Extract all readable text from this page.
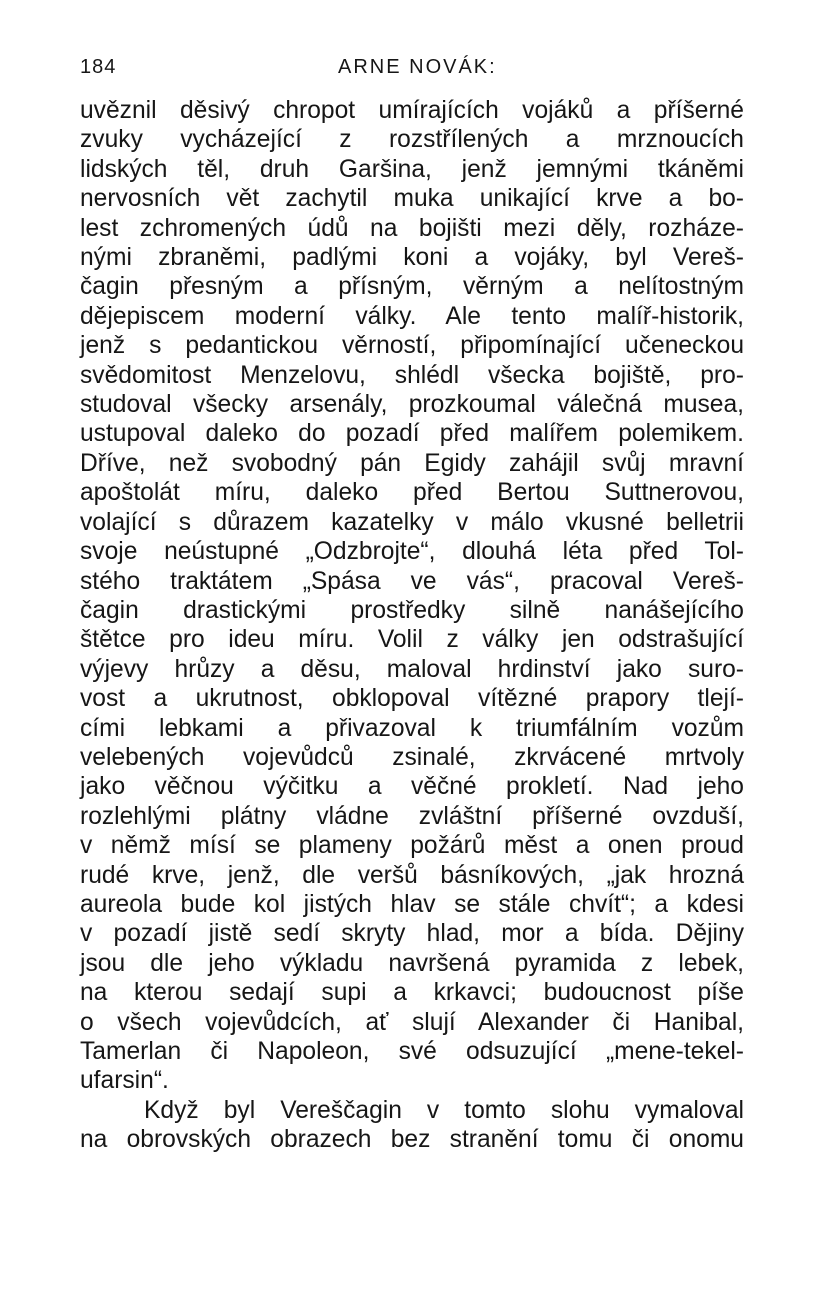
184	ARNE NOVÁK:
uvěznil děsivý chropot umírajících vojáků a příšerné
zvuky vycházející z rozstřílených a mrznoucích
lidských těl, druh Garšina, jenž jemnými tkáněmi
nervosních vět zachytil muka unikající krve a bo-
lest zchromených údů na bojišti mezi děly, rozháze-
nými zbraněmi, padlými koni a vojáky, byl Vereš-
čagin přesným a přísným, věrným a nelítostným
dějepiscem moderní války. Ale tento malíř-historik,
jenž s pedantickou věrností, připomínající učeneckou
svědomitost Menzelovu, shlédl všecka bojiště, pro-
studoval všecky arsenály, prozkoumal válečná musea,
ustupoval daleko do pozadí před malířem polemikem.
Dříve, než svobodný pán Egidy zahájil svůj mravní
apoštolát míru, daleko před Bertou Suttnerovou,
volající s důrazem kazatelky v málo vkusné belletrii
svoje neústupné „Odzbrojte“, dlouhá léta před Tol-
stého traktátem „Spása ve vás“, pracoval Vereš-
čagin drastickými prostředky silně nanášejícího
štětce pro ideu míru. Volil z války jen odstrašující
výjevy hrůzy a děsu, maloval hrdinství jako suro-
vost a ukrutnost, obklopoval vítězné prapory tlejí-
cími lebkami a přivazoval k triumfálním vozům
velebených vojevůdců zsinalé, zkrvácené mrtvoly
jako věčnou výčitku a věčné prokletí. Nad jeho
rozlehlými plátny vládne zvláštní příšerné ovzduší,
v němž mísí se plameny požárů měst a onen proud
rudé krve, jenž, dle veršů básníkových, „jak hrozná
aureola bude kol jistých hlav se stále chvít“; a kdesi
v pozadí jistě sedí skryty hlad, mor a bída. Dějiny
jsou dle jeho výkladu navršená pyramida z lebek,
na kterou sedají supi a krkavci; budoucnost píše
o všech vojevůdcích, ať slují Alexander či Hanibal,
Tamerlan či Napoleon, své odsuzující „mene-tekel-
ufarsin“.
Když byl Vereščagin v tomto slohu vymaloval
na obrovských obrazech bez stranění tomu či onomu
